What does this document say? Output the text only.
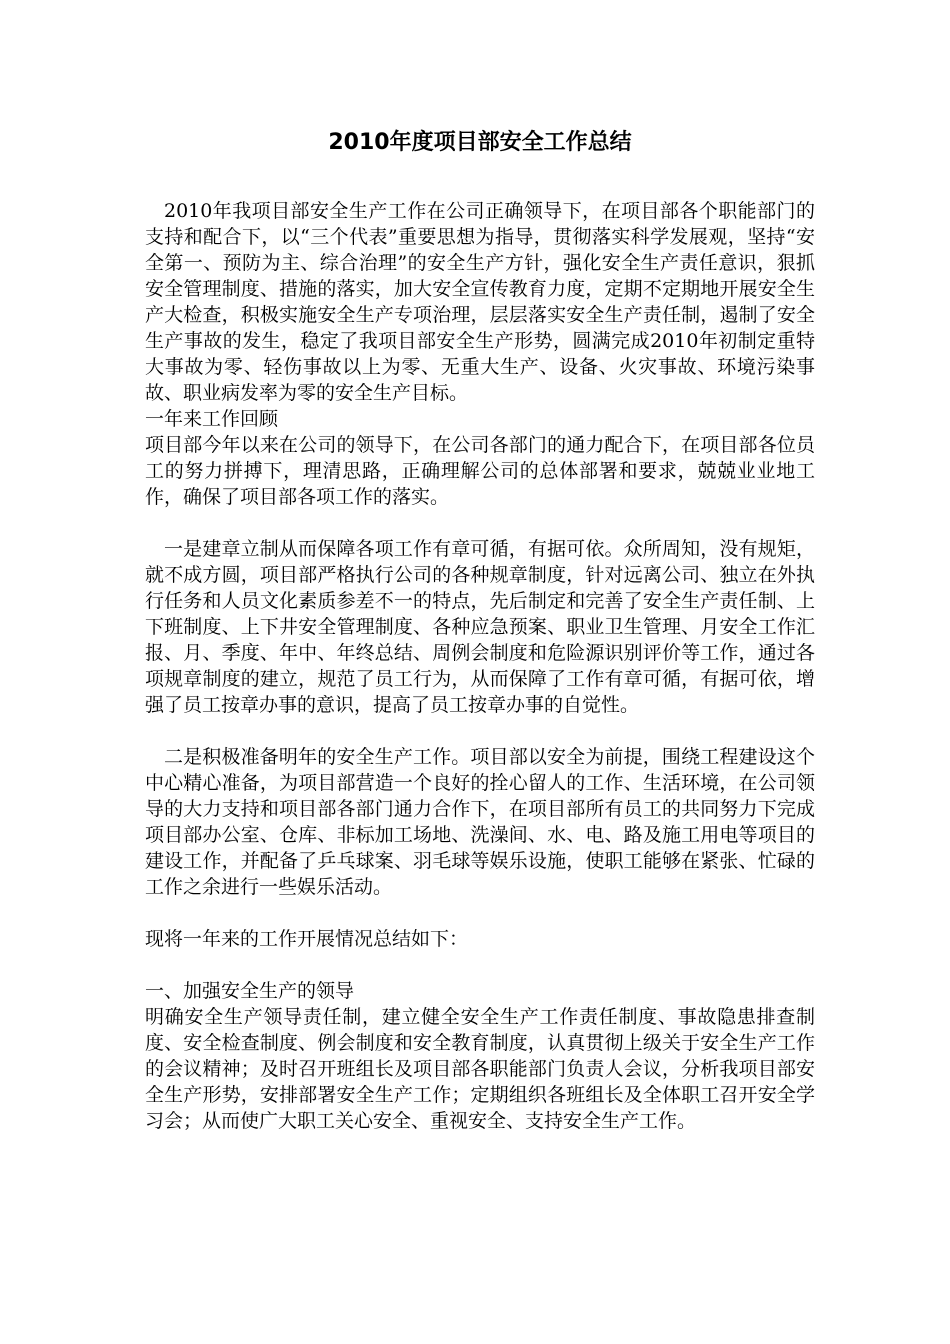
2010年度项目部安全工作总结

2010年我项目部安全生产工作在公司正确领导下，在项目部各个职能部门的支持和配合下，以“三个代表”重要思想为指导，贯彻落实科学发展观，坚持“安全第一、预防为主、综合治理”的安全生产方针，强化安全生产责任意识，狠抓安全管理制度、措施的落实，加大安全宣传教育力度，定期不定期地开展安全生产大检查，积极实施安全生产专项治理，层层落实安全生产责任制，遏制了安全生产事故的发生，稳定了我项目部安全生产形势，圆满完成2010年初制定重特大事故为零、轻伤事故以上为零、无重大生产、设备、火灾事故、环境污染事故、职业病发率为零的安全生产目标。

一年来工作回顾

项目部今年以来在公司的领导下，在公司各部门的通力配合下，在项目部各位员工的努力拼搏下，理清思路，正确理解公司的总体部署和要求，兢兢业业地工作，确保了项目部各项工作的落实。

一是建章立制从而保障各项工作有章可循，有据可依。众所周知，没有规矩，就不成方圆，项目部严格执行公司的各种规章制度，针对远离公司、独立在外执行任务和人员文化素质参差不一的特点，先后制定和完善了安全生产责任制、上下班制度、上下井安全管理制度、各种应急预案、职业卫生管理、月安全工作汇报、月、季度、年中、年终总结、周例会制度和危险源识别评价等工作，通过各项规章制度的建立，规范了员工行为，从而保障了工作有章可循，有据可依，增强了员工按章办事的意识，提高了员工按章办事的自觉性。

二是积极准备明年的安全生产工作。项目部以安全为前提，围绕工程建设这个中心精心准备，为项目部营造一个良好的拴心留人的工作、生活环境，在公司领导的大力支持和项目部各部门通力合作下，在项目部所有员工的共同努力下完成项目部办公室、仓库、非标加工场地、洗澡间、水、电、路及施工用电等项目的建设工作，并配备了乒乓球案、羽毛球等娱乐设施，使职工能够在紧张、忙碌的工作之余进行一些娱乐活动。

现将一年来的工作开展情况总结如下：

一、加强安全生产的领导

明确安全生产领导责任制，建立健全安全生产工作责任制度、事故隐患排查制度、安全检查制度、例会制度和安全教育制度，认真贯彻上级关于安全生产工作的会议精神；及时召开班组长及项目部各职能部门负责人会议，分析我项目部安全生产形势，安排部署安全生产工作；定期组织各班组长及全体职工召开安全学习会；从而使广大职工关心安全、重视安全、支持安全生产工作。
